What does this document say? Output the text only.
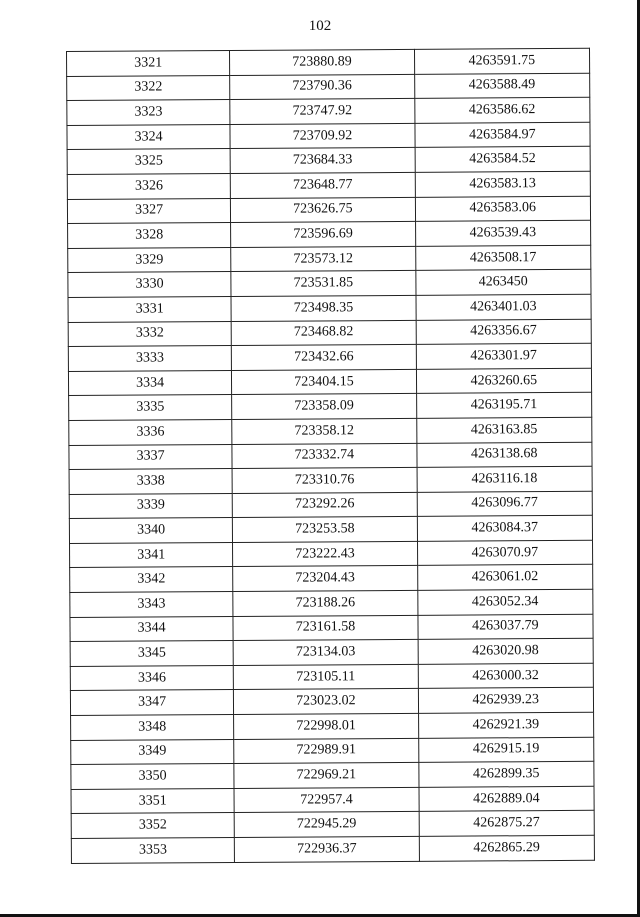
102
3321	723880.89	4263591.75
3322	723790.36	4263588.49
3323	723747.92	4263586.62
3324	723709.92	4263584.97
3325	723684.33	4263584.52
3326	723648.77	4263583.13
3327	723626.75	4263583.06
3328	723596.69	4263539.43
3329	723573.12	4263508.17
3330	723531.85	4263450
3331	723498.35	4263401.03
3332	723468.82	4263356.67
3333	723432.66	4263301.97
3334	723404.15	4263260.65
3335	723358.09	4263195.71
3336	723358.12	4263163.85
3337	723332.74	4263138.68
3338	723310.76	4263116.18
3339	723292.26	4263096.77
3340	723253.58	4263084.37
3341	723222.43	4263070.97
3342	723204.43	4263061.02
3343	723188.26	4263052.34
3344	723161.58	4263037.79
3345	723134.03	4263020.98
3346	723105.11	4263000.32
3347	723023.02	4262939.23
3348	722998.01	4262921.39
3349	722989.91	4262915.19
3350	722969.21	4262899.35
3351	722957.4	4262889.04
3352	722945.29	4262875.27
3353	722936.37	4262865.29
